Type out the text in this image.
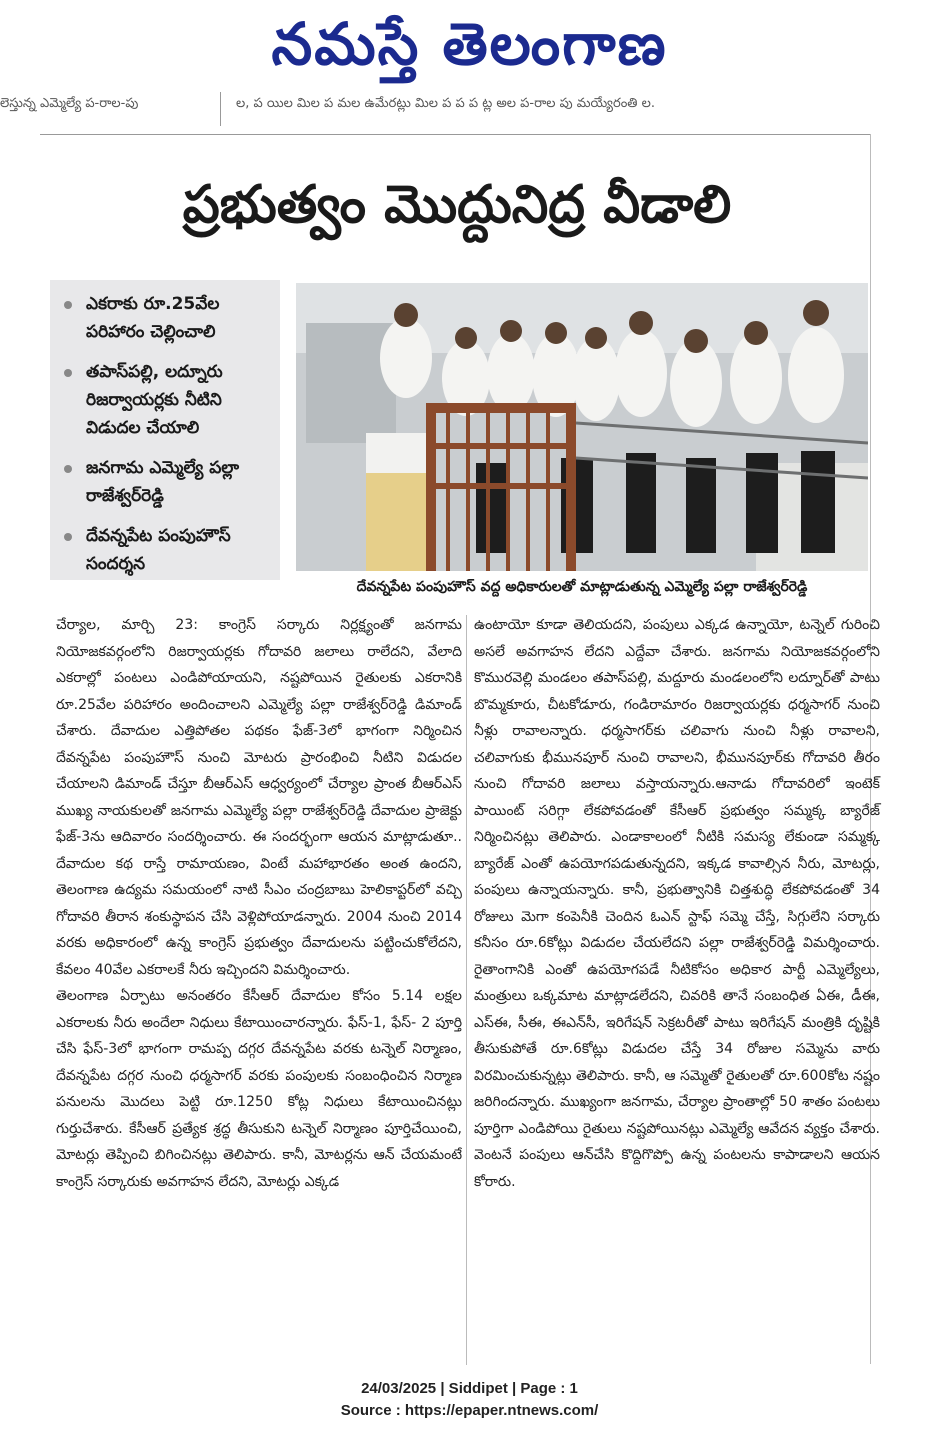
నమస్తే తెలంగాణ
లెస్తున్న ఎమ్మెల్యే ప-రాల-పు	ల, ప యిల మిల ప మల ఉమేరట్లు మిల ప ప ప ట్ల అల ప-రాల పు మయ్యేరంతి ల.
ప్రభుత్వం మొద్దునిద్ర వీడాలి
ఎకరాకు రూ.25వేల పరిహారం చెల్లించాలి
తపాస్‌పల్లి, లద్నూరు రిజర్వాయర్లకు నీటిని విడుదల చేయాలి
జనగామ ఎమ్మెల్యే పల్లా రాజేశ్వర్‌రెడ్డి
దేవన్నపేట పంపుహౌస్ సందర్శన
దేవన్నపేట పంపుహౌస్ వద్ద అధికారులతో మాట్లాడుతున్న ఎమ్మెల్యే పల్లా రాజేశ్వర్‌రెడ్డి

చేర్యాల, మార్చి 23: కాంగ్రెస్ సర్కారు నిర్లక్ష్యంతో జనగామ నియోజకవర్గంలోని రిజర్వాయర్లకు గోదావరి జలాలు రాలేదని, వేలాది ఎకరాల్లో పంటలు ఎండిపోయాయని, నష్టపోయిన రైతులకు ఎకరానికి రూ.25వేల పరిహారం అందించాలని ఎమ్మెల్యే పల్లా రాజేశ్వర్‌రెడ్డి డిమాండ్ చేశారు. దేవాదుల ఎత్తిపోతల పథకం ఫేజ్-3లో భాగంగా నిర్మించిన దేవన్నపేట పంపుహౌస్ నుంచి మోటరు ప్రారంభించి నీటిని విడుదల చేయాలని డిమాండ్ చేస్తూ బీఆర్ఎస్ ఆధ్వర్యంలో చేర్యాల ప్రాంత బీఆర్ఎస్ ముఖ్య నాయకులతో జనగామ ఎమ్మెల్యే పల్లా రాజేశ్వర్‌రెడ్డి దేవాదుల ప్రాజెక్టు ఫేజ్-3ను ఆదివారం సందర్శించారు. ఈ సందర్భంగా ఆయన మాట్లాడుతూ.. దేవాదుల కథ రాస్తే రామాయణం, వింటే మహాభారతం అంత ఉందని, తెలంగాణ ఉద్యమ సమయంలో నాటి సీఎం చంద్రబాబు హెలికాప్టర్‌లో వచ్చి గోదావరి తీరాన శంకుస్థాపన చేసి వెళ్లిపోయాడన్నారు. 2004 నుంచి 2014 వరకు అధికారంలో ఉన్న కాంగ్రెస్ ప్రభుత్వం దేవాదులను పట్టించుకోలేదని, కేవలం 40వేల ఎకరాలకే నీరు ఇచ్చిందని విమర్శించారు.

తెలంగాణ ఏర్పాటు అనంతరం కేసీఆర్ దేవాదుల కోసం 5.14 లక్షల ఎకరాలకు నీరు అందేలా నిధులు కేటాయించారన్నారు. ఫేస్-1, ఫేస్- 2 పూర్తి చేసి ఫేస్-3లో భాగంగా రామప్ప దగ్గర దేవన్నపేట వరకు టన్నెల్ నిర్మాణం, దేవన్నపేట దగ్గర నుంచి ధర్మసాగర్ వరకు పంపులకు సంబంధించిన నిర్మాణ పనులను మొదలు పెట్టి రూ.1250 కోట్ల నిధులు కేటాయించినట్లు గుర్తుచేశారు. కేసీఆర్ ప్రత్యేక శ్రద్ధ తీసుకుని టన్నెల్ నిర్మాణం పూర్తిచేయించి, మోటర్లు తెప్పించి బిగించినట్లు తెలిపారు. కానీ, మోటర్లను ఆన్ చేయమంటే కాంగ్రెస్ సర్కారుకు అవగాహన లేదని, మోటర్లు ఎక్కడ

ఉంటాయో కూడా తెలియదని, పంపులు ఎక్కడ ఉన్నాయో, టన్నెల్ గురించి అసలే అవగాహన లేదని ఎద్దేవా చేశారు. జనగామ నియోజకవర్గంలోని కొమురవెల్లి మండలం తపాస్‌పల్లి, మద్దూరు మండలంలోని లద్నూర్‌తో పాటు బొమ్మకూరు, చీటకోడూరు, గండిరామారం రిజర్వాయర్లకు ధర్మసాగర్ నుంచి నీళ్లు రావాలన్నారు. ధర్మసాగర్‌కు చలివాగు నుంచి నీళ్లు రావాలని, చలివాగుకు భీమునపూర్ నుంచి రావాలని, భీమునపూర్‌కు గోదావరి తీరం నుంచి గోదావరి జలాలు వస్తాయన్నారు.ఆనాడు గోదావరిలో ఇంటెక్ పాయింట్ సరిగ్గా లేకపోవడంతో కేసీఆర్ ప్రభుత్వం సమ్మక్క బ్యారేజ్ నిర్మించినట్లు తెలిపారు. ఎండాకాలంలో నీటికి సమస్య లేకుండా సమ్మక్క బ్యారేజ్ ఎంతో ఉపయోగపడుతున్నదని, ఇక్కడ కావాల్సిన నీరు, మోటర్లు, పంపులు ఉన్నాయన్నారు. కానీ, ప్రభుత్వానికి చిత్తశుద్ధి లేకపోవడంతో 34 రోజులు మెగా కంపెనీకి చెందిన ఓఎన్ స్టాఫ్ సమ్మె చేస్తే, సిగ్గులేని సర్కారు కనీసం రూ.6కోట్లు విడుదల చేయలేదని పల్లా రాజేశ్వర్‌రెడ్డి విమర్శించారు. రైతాంగానికి ఎంతో ఉపయోగపడే నీటికోసం అధికార పార్టీ ఎమ్మెల్యేలు, మంత్రులు ఒక్కమాట మాట్లాడలేదని, చివరికి తానే సంబంధిత ఏఈ, డీఈ, ఎస్ఈ, సీఈ, ఈఎన్‌సీ, ఇరిగేషన్ సెక్రటరీతో పాటు ఇరిగేషన్ మంత్రికి దృష్టికి తీసుకుపోతే రూ.6కోట్లు విడుదల చేస్తే 34 రోజుల సమ్మెను వారు విరమించుకున్నట్లు తెలిపారు. కానీ, ఆ సమ్మెతో రైతులతో రూ.600కోట నష్టం జరిగిందన్నారు. ముఖ్యంగా జనగామ, చేర్యాల ప్రాంతాల్లో 50 శాతం పంటలు పూర్తిగా ఎండిపోయి రైతులు నష్టపోయినట్లు ఎమ్మెల్యే ఆవేదన వ్యక్తం చేశారు. వెంటనే పంపులు ఆన్‌చేసి కొద్దిగొప్పో ఉన్న పంటలను కాపాడాలని ఆయన కోరారు.

24/03/2025 | Siddipet | Page : 1
Source : https://epaper.ntnews.com/
